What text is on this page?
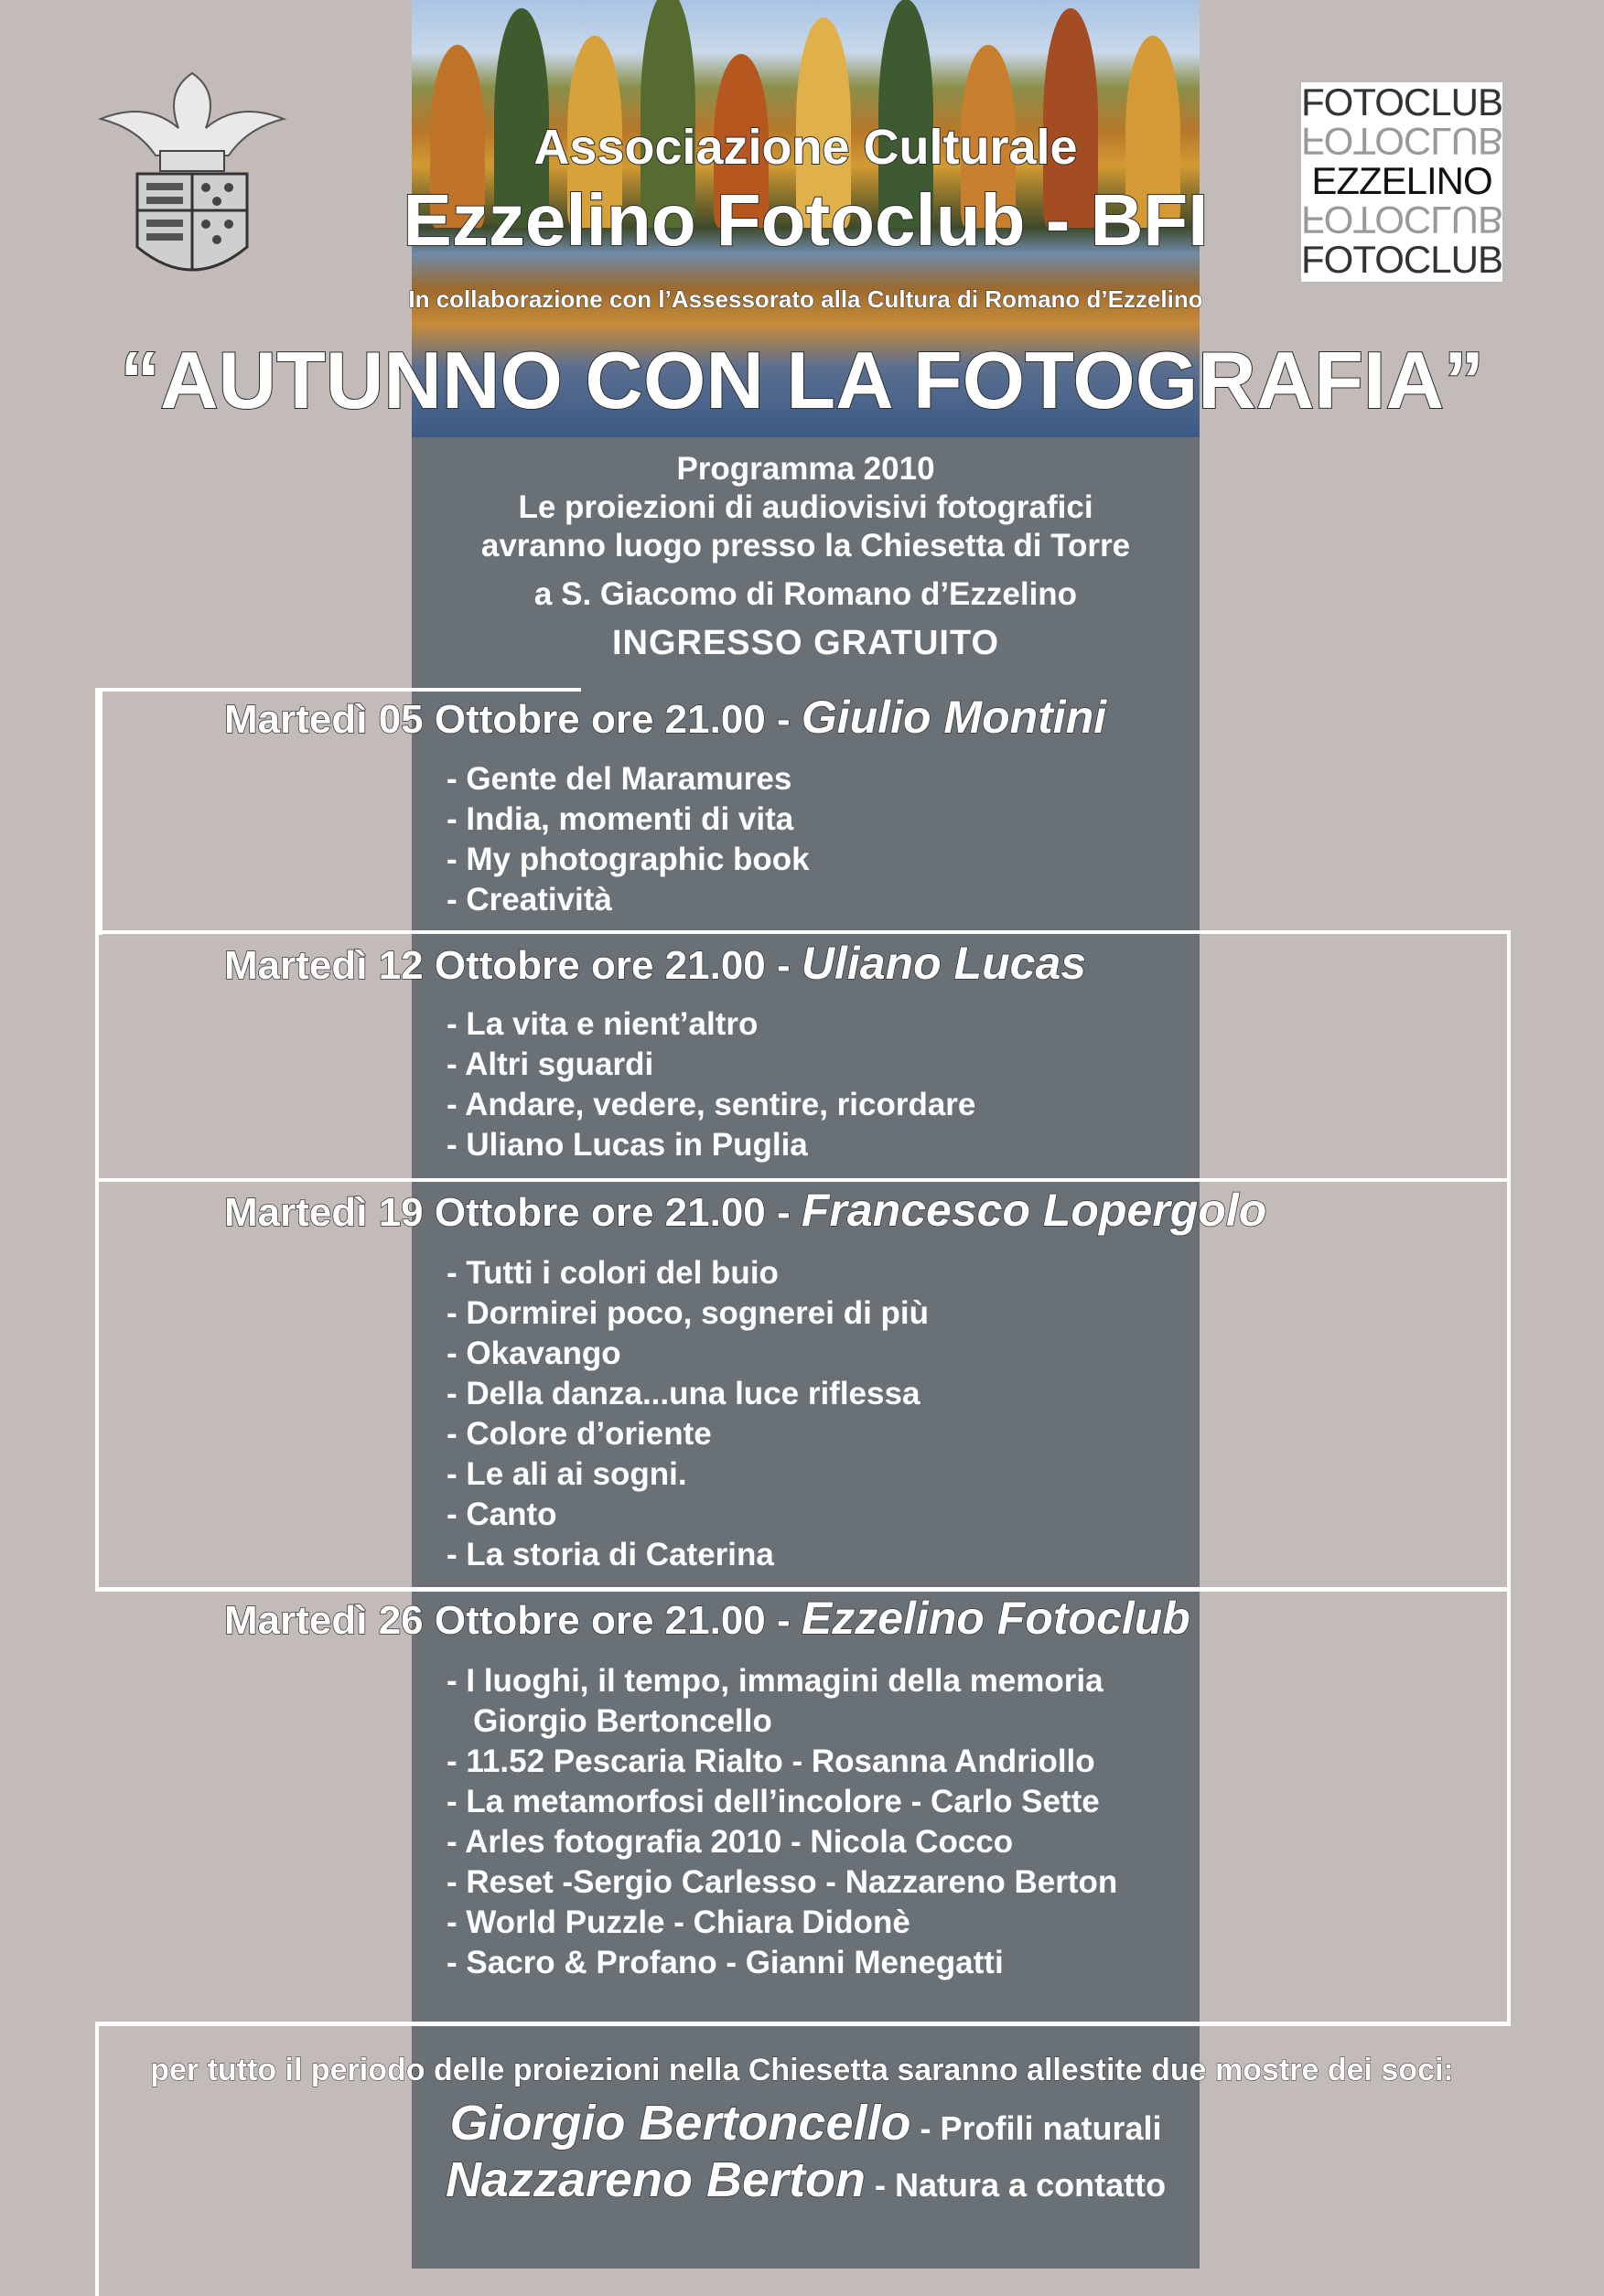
FOTOCLUB
FOTOCLUB
EZZELINO
FOTOCLUB
FOTOCLUB
Associazione Culturale
Ezzelino Fotoclub - BFI
In collaborazione con l’Assessorato alla Cultura di Romano d’Ezzelino
“AUTUNNO CON LA FOTOGRAFIA”
Programma 2010
Le proiezioni di audiovisivi fotografici
avranno luogo presso la Chiesetta di Torre
a S. Giacomo di Romano d’Ezzelino
INGRESSO GRATUITO
Martedì 05 Ottobre ore 21.00 - Giulio Montini
- Gente del Maramures
- India, momenti di vita
- My photographic book
- Creatività
Martedì 12 Ottobre ore 21.00 - Uliano Lucas
- La vita e nient’altro
- Altri sguardi
- Andare, vedere, sentire, ricordare
- Uliano Lucas in Puglia
Martedì 19 Ottobre ore 21.00 - Francesco Lopergolo
- Tutti i colori del buio
- Dormirei poco, sognerei di più
- Okavango
- Della danza...una luce riflessa
- Colore d’oriente
- Le ali ai sogni.
- Canto
- La storia di Caterina
Martedì 26 Ottobre ore 21.00 - Ezzelino Fotoclub
- I luoghi, il tempo, immagini della memoria
Giorgio Bertoncello
- 11.52 Pescaria Rialto - Rosanna Andriollo
- La metamorfosi dell’incolore - Carlo Sette
- Arles fotografia 2010 - Nicola Cocco
- Reset -Sergio Carlesso - Nazzareno Berton
- World Puzzle - Chiara Didonè
- Sacro & Profano - Gianni Menegatti
per tutto il periodo delle proiezioni nella Chiesetta saranno allestite due mostre dei soci:
Giorgio Bertoncello - Profili naturali
Nazzareno Berton - Natura a contatto
